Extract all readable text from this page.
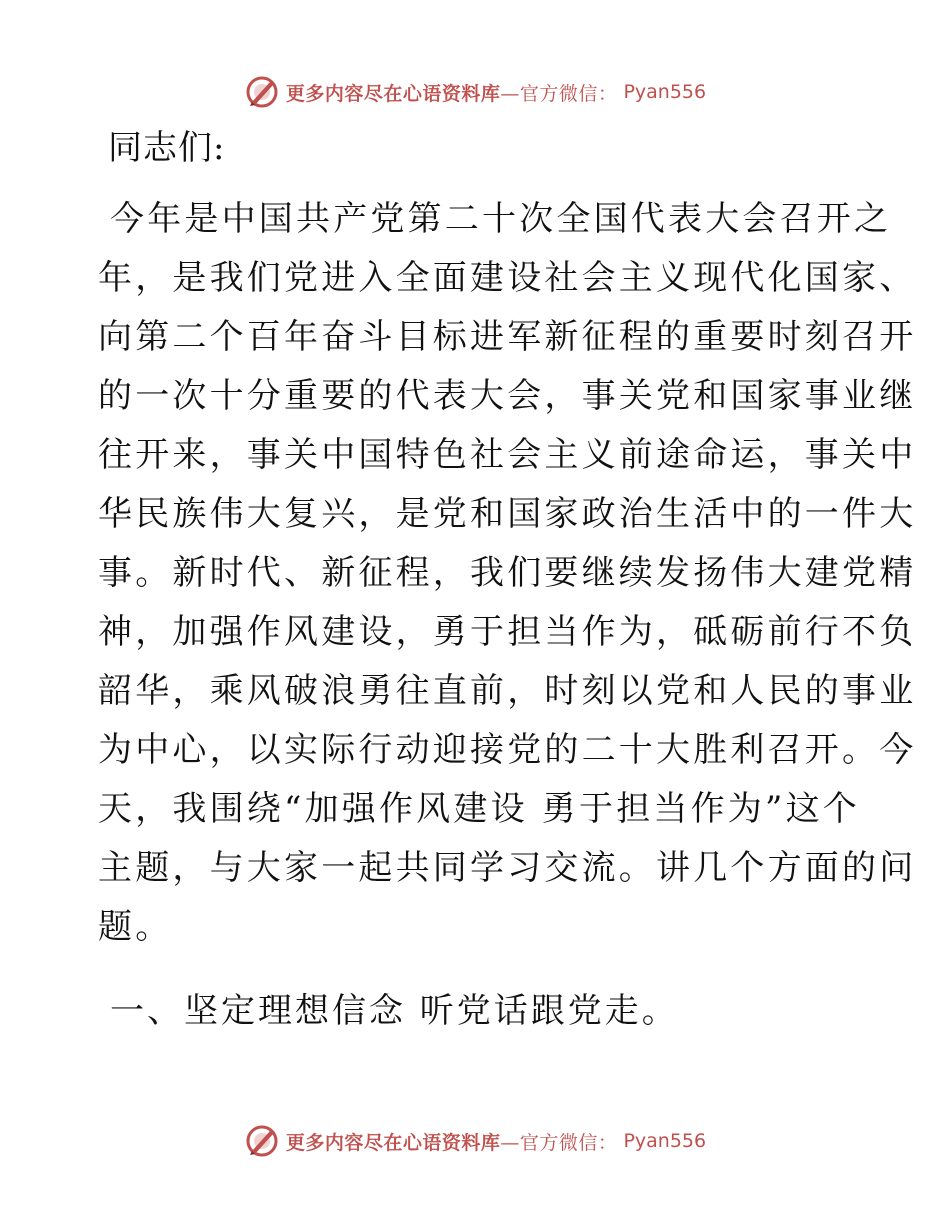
更多内容尽在心语资料库—官方微信： Pyan556
同志们:
今年是中国共产党第二十次全国代表大会召开之
年，是我们党进入全面建设社会主义现代化国家、
向第二个百年奋斗目标进军新征程的重要时刻召开
的一次十分重要的代表大会，事关党和国家事业继
往开来，事关中国特色社会主义前途命运，事关中
华民族伟大复兴，是党和国家政治生活中的一件大
事。新时代、新征程，我们要继续发扬伟大建党精
神，加强作风建设，勇于担当作为，砥砺前行不负
韶华，乘风破浪勇往直前，时刻以党和人民的事业
为中心，以实际行动迎接党的二十大胜利召开。今
天，我围绕“加强作风建设 勇于担当作为”这个
主题，与大家一起共同学习交流。讲几个方面的问
题。
一、坚定理想信念 听党话跟党走。
更多内容尽在心语资料库—官方微信： Pyan556
